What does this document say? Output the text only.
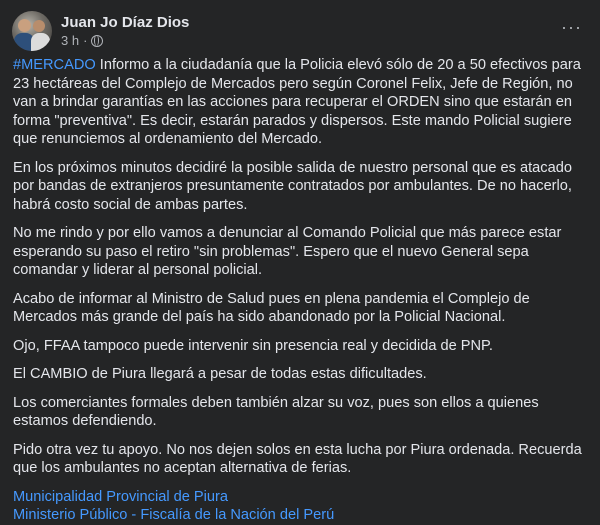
Juan Jo Díaz Dios
3 h ·
···

#MERCADO Informo a la ciudadanía que la Policia elevó sólo de 20 a 50 efectivos para 23 hectáreas del Complejo de Mercados pero según Coronel Felix, Jefe de Región, no van a brindar garantías en las acciones para recuperar el ORDEN sino que estarán en forma "preventiva". Es decir, estarán parados y dispersos. Este mando Policial sugiere que renunciemos al ordenamiento del Mercado.

En los próximos minutos decidiré la posible salida de nuestro personal que es atacado por bandas de extranjeros presuntamente contratados por ambulantes. De no hacerlo, habrá costo social de ambas partes.

No me rindo y por ello vamos a denunciar al Comando Policial que más parece estar esperando su paso el retiro "sin problemas". Espero que el nuevo General sepa comandar y liderar al personal policial.

Acabo de informar al Ministro de Salud pues en plena pandemia el Complejo de Mercados más grande del país ha sido abandonado por la Policial Nacional.

Ojo, FFAA tampoco puede intervenir sin presencia real y decidida de PNP.

El CAMBIO de Piura llegará a pesar de todas estas dificultades.

Los comerciantes formales deben también alzar su voz, pues son ellos a quienes estamos defendiendo.

Pido otra vez tu apoyo. No nos dejen solos en esta lucha por Piura ordenada. Recuerda que los ambulantes no aceptan alternativa de ferias.

Municipalidad Provincial de Piura

Ministerio Público - Fiscalía de la Nación del Perú
